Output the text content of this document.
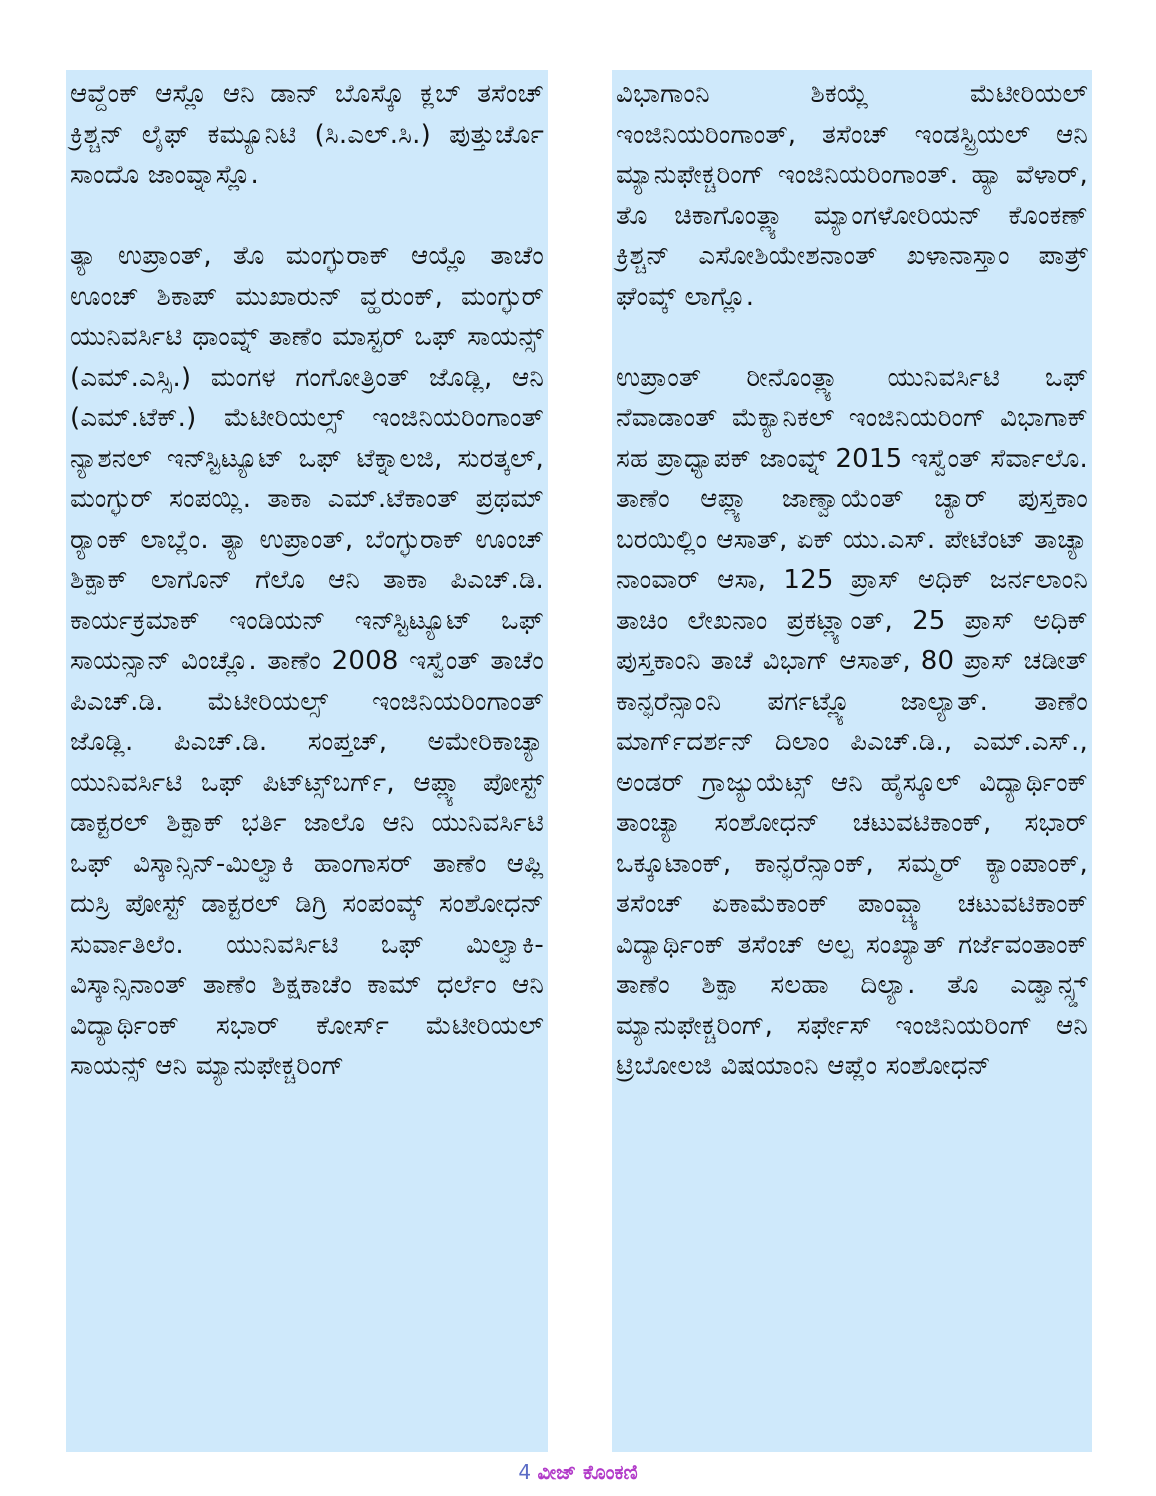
ಆವ್ದೆಂಕ್ ಆಸ್ಲೊ ಆನಿ ಡಾನ್ ಬೊಸ್ಕೊ ಕ್ಲಬ್ ತಸೆಂಚ್ ಕ್ರಿಶ್ಚನ್ ಲೈಫ್ ಕಮ್ಯೂನಿಟಿ (ಸಿ.ಎಲ್.ಸಿ.) ಪುತ್ತುರ್ಚೊ ಸಾಂದೊ ಜಾಂವ್ನಾಸ್ಲೊ.

ತ್ಯಾ ಉಪ್ರಾಂತ್, ತೊ ಮಂಗ್ಳುರಾಕ್ ಆಯ್ಲೊ ತಾಚೆಂ ಊಂಚ್ ಶಿಕಾಪ್ ಮುಖಾರುನ್ ವ್ಹರುಂಕ್, ಮಂಗ್ಳುರ್ ಯುನಿವರ್ಸಿಟಿ ಥಾಂವ್ನ್ ತಾಣೆಂ ಮಾಸ್ಟರ್ ಒಫ್ ಸಾಯನ್ಸ್ (ಎಮ್.ಎಸ್ಸಿ.) ಮಂಗಳ ಗಂಗೋತ್ರಿಂತ್ ಜೊಡ್ಲಿ, ಆನಿ (ಎಮ್.ಟೆಕ್.) ಮೆಟೀರಿಯಲ್ಸ್ ಇಂಜಿನಿಯರಿಂಗಾಂತ್ ನ್ಯಾಶನಲ್ ಇನ್‍ಸ್ಟಿಟ್ಯೂಟ್ ಒಫ್ ಟೆಕ್ನಾಲಜಿ, ಸುರತ್ಕಲ್, ಮಂಗ್ಳುರ್ ಸಂಪಯ್ಲಿ. ತಾಕಾ ಎಮ್.ಟೆಕಾಂತ್ ಪ್ರಥಮ್ ರ‍್ಯಾಂಕ್ ಲಾಬ್ಲೆಂ. ತ್ಯಾ ಉಪ್ರಾಂತ್, ಬೆಂಗ್ಳುರಾಕ್ ಊಂಚ್ ಶಿಕ್ಪಾಕ್ ಲಾಗೊನ್ ಗೆಲೊ ಆನಿ ತಾಕಾ ಪಿಎಚ್.ಡಿ. ಕಾರ್ಯಕ್ರಮಾಕ್ ಇಂಡಿಯನ್ ಇನ್‍ಸ್ಟಿಟ್ಯೂಟ್ ಒಫ್ ಸಾಯನ್ಸಾನ್ ವಿಂಚ್ಲೊ. ತಾಣೆಂ 2008 ಇಸ್ವೆಂತ್ ತಾಚೆಂ ಪಿಎಚ್.ಡಿ. ಮೆಟೀರಿಯಲ್ಸ್ ಇಂಜಿನಿಯರಿಂಗಾಂತ್ ಜೊಡ್ಲಿ. ಪಿಎಚ್.ಡಿ. ಸಂಪ್ತಚ್, ಅಮೇರಿಕಾಚ್ಯಾ ಯುನಿವರ್ಸಿಟಿ ಒಫ್ ಪಿಟ್‍ಟ್ಸ್‌ಬರ್ಗ್, ಆಪ್ಲ್ಯಾ ಪೋಸ್ಟ್ ಡಾಕ್ಟರಲ್ ಶಿಕ್ಪಾಕ್ ಭರ್ತಿ ಜಾಲೊ ಆನಿ ಯುನಿವರ್ಸಿಟಿ ಒಫ್ ವಿಸ್ಕಾನ್ಸಿನ್-ಮಿಲ್ವಾಕಿ ಹಾಂಗಾಸರ್ ತಾಣೆಂ ಆಪ್ಲಿ ದುಸ್ರಿ ಪೋಸ್ಟ್ ಡಾಕ್ಟರಲ್ ಡಿಗ್ರಿ ಸಂಪಂವ್ಕ್ ಸಂಶೋಧನ್ ಸುರ್ವಾತಿಲೆಂ. ಯುನಿವರ್ಸಿಟಿ ಒಫ್ ಮಿಲ್ವಾಕಿ-ವಿಸ್ಕಾನ್ಸಿನಾಂತ್ ತಾಣೆಂ ಶಿಕ್ಷಕಾಚೆಂ ಕಾಮ್ ಧರ್ಲೆಂ ಆನಿ ವಿದ್ಯಾರ್ಥಿಂಕ್ ಸಭಾರ್ ಕೋರ್ಸ್ ಮೆಟೀರಿಯಲ್ ಸಾಯನ್ಸ್ ಆನಿ ಮ್ಯಾನುಫೇಕ್ಚರಿಂಗ್

ವಿಭಾಗಾಂನಿ ಶಿಕಯ್ಲೆ ಮೆಟೀರಿಯಲ್ ಇಂಜಿನಿಯರಿಂಗಾಂತ್, ತಸೆಂಚ್ ಇಂಡಸ್ಟ್ರಿಯಲ್ ಆನಿ ಮ್ಯಾನುಫೇಕ್ಚರಿಂಗ್ ಇಂಜಿನಿಯರಿಂಗಾಂತ್. ಹ್ಯಾ ವೆಳಾರ್, ತೊ ಚಿಕಾಗೊಂತ್ಲ್ಯಾ ಮ್ಯಾಂಗಳೋರಿಯನ್ ಕೊಂಕಣ್ ಕ್ರಿಶ್ಚನ್ ಎಸೋಶಿಯೇಶನಾಂತ್ ಖಳಾನಾಸ್ತಾಂ ಪಾತ್ರ್ ಘೆಂವ್ಕ್ ಲಾಗ್ಲೊ.

ಉಪ್ರಾಂತ್ ರೀನೊಂತ್ಲ್ಯಾ ಯುನಿವರ್ಸಿಟಿ ಒಫ್ ನೆವಾಡಾಂತ್ ಮೆಕ್ಯಾನಿಕಲ್ ಇಂಜಿನಿಯರಿಂಗ್ ವಿಭಾಗಾಕ್ ಸಹ ಪ್ರಾಧ್ಯಾಪಕ್ ಜಾಂವ್ನ್ 2015 ಇಸ್ವೆಂತ್ ಸೆರ್ವಾಲೊ. ತಾಣೆಂ ಆಪ್ಲ್ಯಾ ಜಾಣ್ವಾಯೆಂತ್ ಚ್ಯಾರ್ ಪುಸ್ತಕಾಂ ಬರಯಿಲ್ಲಿಂ ಆಸಾತ್, ಏಕ್ ಯು.ಎಸ್. ಪೇಟೆಂಟ್ ತಾಚ್ಯಾ ನಾಂವಾರ್ ಆಸಾ, 125 ಪ್ರಾಸ್ ಅಧಿಕ್ ಜರ್ನಲಾಂನಿ ತಾಚಿಂ ಲೇಖನಾಂ ಪ್ರಕಟ್ಲ್ಯಾಂತ್, 25 ಪ್ರಾಸ್ ಅಧಿಕ್ ಪುಸ್ತಕಾಂನಿ ತಾಚೆ ವಿಭಾಗ್ ಆಸಾತ್, 80 ಪ್ರಾಸ್ ಚಡೀತ್ ಕಾನ್ಫರೆನ್ಸಾಂನಿ ಪರ್ಗಟ್ಲ್ಯೊ ಜಾಲ್ಯಾತ್. ತಾಣೆಂ ಮಾರ್ಗ್‌ದರ್ಶನ್ ದಿಲಾಂ ಪಿಎಚ್.ಡಿ., ಎಮ್.ಎಸ್., ಅಂಡರ್ ಗ್ರಾಜ್ಯುಯೆಟ್ಸ್ ಆನಿ ಹೈಸ್ಕೂಲ್ ವಿದ್ಯಾರ್ಥಿಂಕ್ ತಾಂಚ್ಯಾ ಸಂಶೋಧನ್ ಚಟುವಟಿಕಾಂಕ್, ಸಭಾರ್ ಒಕ್ಕೂಟಾಂಕ್, ಕಾನ್ಫರೆನ್ಸಾಂಕ್, ಸಮ್ಮರ್ ಕ್ಯಾಂಪಾಂಕ್, ತಸೆಂಚ್ ಏಕಾಮೆಕಾಂಕ್ ಪಾಂವ್ಚ್ಯಾ ಚಟುವಟಿಕಾಂಕ್ ವಿದ್ಯಾರ್ಥಿಂಕ್ ತಸೆಂಚ್ ಅಲ್ಪ ಸಂಖ್ಯಾತ್ ಗರ್ಜೆವಂತಾಂಕ್ ತಾಣೆಂ ಶಿಕ್ಪಾ ಸಲಹಾ ದಿಲ್ಯಾ. ತೊ ಎಡ್ವಾನ್ಸ್ಡ್ ಮ್ಯಾನುಫೇಕ್ಚರಿಂಗ್, ಸರ್ಫೇಸ್ ಇಂಜಿನಿಯರಿಂಗ್ ಆನಿ ಟ್ರಿಬೋಲಜಿ ವಿಷಯಾಂನಿ ಆಪ್ಲೆಂ ಸಂಶೋಧನ್

4 ವೀಜ್ ಕೊಂಕಣಿ
